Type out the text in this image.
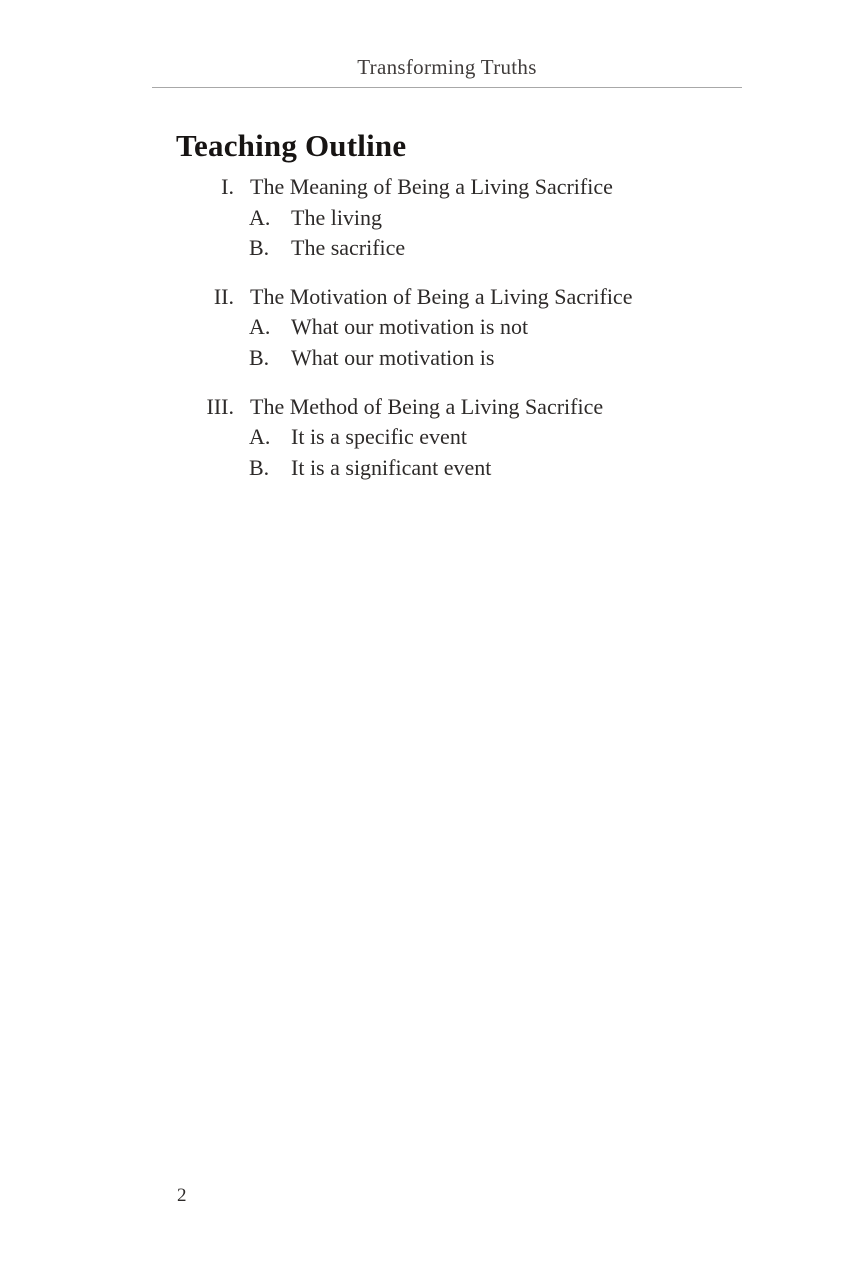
Transforming Truths
Teaching Outline
I. The Meaning of Being a Living Sacrifice
A. The living
B. The sacrifice
II. The Motivation of Being a Living Sacrifice
A. What our motivation is not
B. What our motivation is
III. The Method of Being a Living Sacrifice
A. It is a specific event
B. It is a significant event
2
